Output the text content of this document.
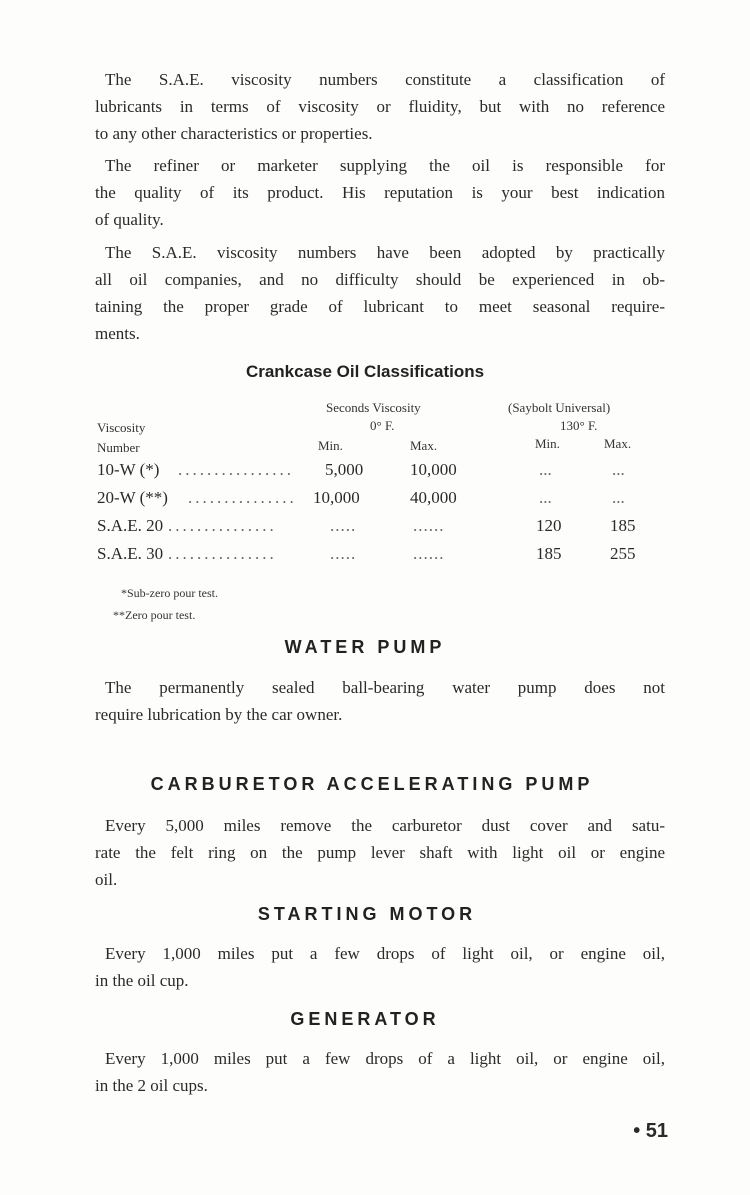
The S.A.E. viscosity numbers constitute a classification of
lubricants in terms of viscosity or fluidity, but with no reference
to any other characteristics or properties.
The refiner or marketer supplying the oil is responsible for
the quality of its product. His reputation is your best indication
of quality.
The S.A.E. viscosity numbers have been adopted by practically
all oil companies, and no difficulty should be experienced in ob-
taining the proper grade of lubricant to meet seasonal require-
ments.
Crankcase Oil Classifications
Seconds Viscosity	(Saybolt Universal)
0° F.	130° F.
Viscosity
Number	Min.	Max.	Min.	Max.
10-W (*) ................ 5,000	10,000	...	...
20-W (**) ............... 10,000	40,000	...	...
S.A.E. 20 ...............	.....	......	120	185
S.A.E. 30 ...............	.....	......	185	255
*Sub-zero pour test.
**Zero pour test.
WATER PUMP
The permanently sealed ball-bearing water pump does not
require lubrication by the car owner.
CARBURETOR ACCELERATING PUMP
Every 5,000 miles remove the carburetor dust cover and satu-
rate the felt ring on the pump lever shaft with light oil or engine
oil.
STARTING MOTOR
Every 1,000 miles put a few drops of light oil, or engine oil,
in the oil cup.
GENERATOR
Every 1,000 miles put a few drops of a light oil, or engine oil,
in the 2 oil cups.
• 51
